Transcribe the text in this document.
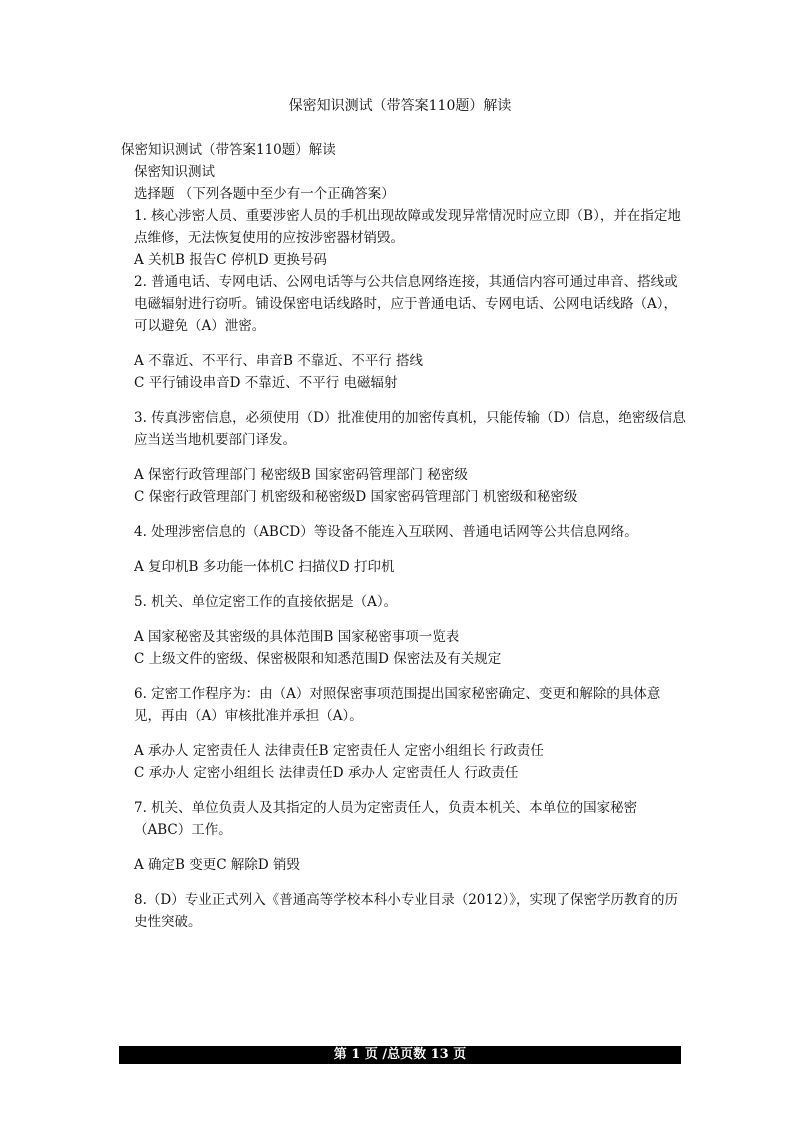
保密知识测试（带答案110题）解读

保密知识测试（带答案110题）解读

保密知识测试

选择题 （下列各题中至少有一个正确答案）

1. 核心涉密人员、重要涉密人员的手机出现故障或发现异常情况时应立即（B），并在指定地点维修，无法恢复使用的应按涉密器材销毁。

A 关机B 报告C 停机D 更换号码

2. 普通电话、专网电话、公网电话等与公共信息网络连接，其通信内容可通过串音、搭线或电磁辐射进行窃听。铺设保密电话线路时，应于普通电话、专网电话、公网电话线路（A），可以避免（A）泄密。

A 不靠近、不平行、串音B 不靠近、不平行 搭线

C 平行铺设串音D 不靠近、不平行 电磁辐射

3. 传真涉密信息，必须使用（D）批准使用的加密传真机，只能传输（D）信息，绝密级信息应当送当地机要部门译发。

A 保密行政管理部门 秘密级B 国家密码管理部门 秘密级

C 保密行政管理部门 机密级和秘密级D 国家密码管理部门 机密级和秘密级

4. 处理涉密信息的（ABCD）等设备不能连入互联网、普通电话网等公共信息网络。

A 复印机B 多功能一体机C 扫描仪D 打印机

5. 机关、单位定密工作的直接依据是（A）。

A 国家秘密及其密级的具体范围B 国家秘密事项一览表

C 上级文件的密级、保密极限和知悉范围D 保密法及有关规定

6. 定密工作程序为：由（A）对照保密事项范围提出国家秘密确定、变更和解除的具体意见，再由（A）审核批准并承担（A）。

A 承办人 定密责任人 法律责任B 定密责任人 定密小组组长 行政责任

C 承办人 定密小组组长 法律责任D 承办人 定密责任人 行政责任

7. 机关、单位负责人及其指定的人员为定密责任人，负责本机关、本单位的国家秘密（ABC）工作。

A 确定B 变更C 解除D 销毁

8.（D）专业正式列入《普通高等学校本科小专业目录（2012）》，实现了保密学历教育的历史性突破。

第 1 页 /总页数 13 页
